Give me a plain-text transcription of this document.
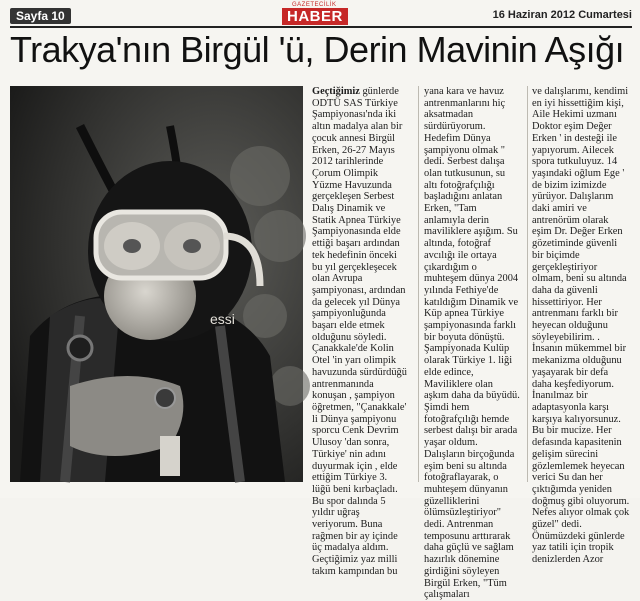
Sayfa 10
GAZETECİLİK
HABER	16 Haziran 2012 Cumartesi
Trakya'nın Birgül 'ü, Derin Mavinin Aşığı
essi
Geçtiğimiz günlerde ODTÜ SAS Türkiye Şampiyonası'nda iki altın madalya alan bir çocuk annesi Birgül Erken, 26-27 Mayıs 2012 tarihlerinde Çorum Olimpik Yüzme Havuzunda gerçekleşen Serbest Dalış Dinamik ve Statik Apnea Türkiye Şampiyonasında elde ettiği başarı ardından tek hedefinin önceki bu yıl gerçekleşecek olan Avrupa şampiyonası, ardından da gelecek yıl Dünya şampiyonluğunda başarı elde etmek olduğunu söyledi. Çanakkale'de Kolin Otel 'in yarı olimpik havuzunda sürdürdüğü antrenmanında konuşan , şampiyon öğretmen, "Çanakkale' li Dünya şampiyonu sporcu Cenk Devrim Ulusoy 'dan sonra, Türkiye' nin adını duyurmak için , elde ettiğim Türkiye 3. lüğü beni kırbaçladı. Bu spor dalında 5 yıldır uğraş veriyorum. Buna rağmen bir ay içinde üç madalya aldım. Geçtiğimiz yaz milli takım kampından bu
yana kara ve havuz antrenmanlarını hiç aksatmadan sürdürüyorum. Hedefim Dünya şampiyonu olmak " dedi. Serbest dalışa olan tutkusunun, su altı fotoğrafçılığı başladığını anlatan Erken, "Tam anlamıyla derin maviliklere aşığım. Su altında, fotoğraf avcılığı ile ortaya çıkardığım o muhteşem dünya 2004 yılında Fethiye'de katıldığım Dinamik ve Küp apnea Türkiye şampiyonasında farklı bir boyuta dönüştü. Şampiyonada Kulüp olarak Türkiye 1. liği elde edince, Maviliklere olan aşkım daha da büyüdü. Şimdi hem fotoğrafçılığı hemde serbest dalışı bir arada yaşar oldum. Dalışların birçoğunda eşim beni su altında fotoğraflayarak, o muhteşem dünyanın güzelliklerini ölümsüzleştiriyor" dedi. Antrenman temposunu arttırarak daha güçlü ve sağlam hazırlık dönemine girdiğini söyleyen Birgül Erken, "Tüm çalışmaları
ve dalışlarımı, kendimi en iyi hissettiğim kişi, Aile Hekimi uzmanı Doktor eşim Değer Erken ' in desteği ile yapıyorum. Ailecek spora tutkuluyuz. 14 yaşındaki oğlum Ege ' de bizim izimizde yürüyor. Dalışlarım daki amiri ve antrenörüm olarak eşim Dr. Değer Erken gözetiminde güvenli bir biçimde gerçekleştiriyor olmam, beni su altında daha da güvenli hissettiriyor. Her antrenmanı farklı bir heyecan olduğunu söyleyebilirim. . İnsanın mükemmel bir mekanizma olduğunu yaşayarak bir defa daha keşfediyorum. İnanılmaz bir adaptasyonla karşı karşıya kalıyorsunuz. Bu bir mucize. Her defasında kapasitenin gelişim sürecini gözlemlemek heyecan verici Su dan her çıktığımda yeniden doğmuş gibi oluyorum. Nefes alıyor olmak çok güzel" dedi. Önümüzdeki günlerde yaz tatili için tropik denizlerden Azor
